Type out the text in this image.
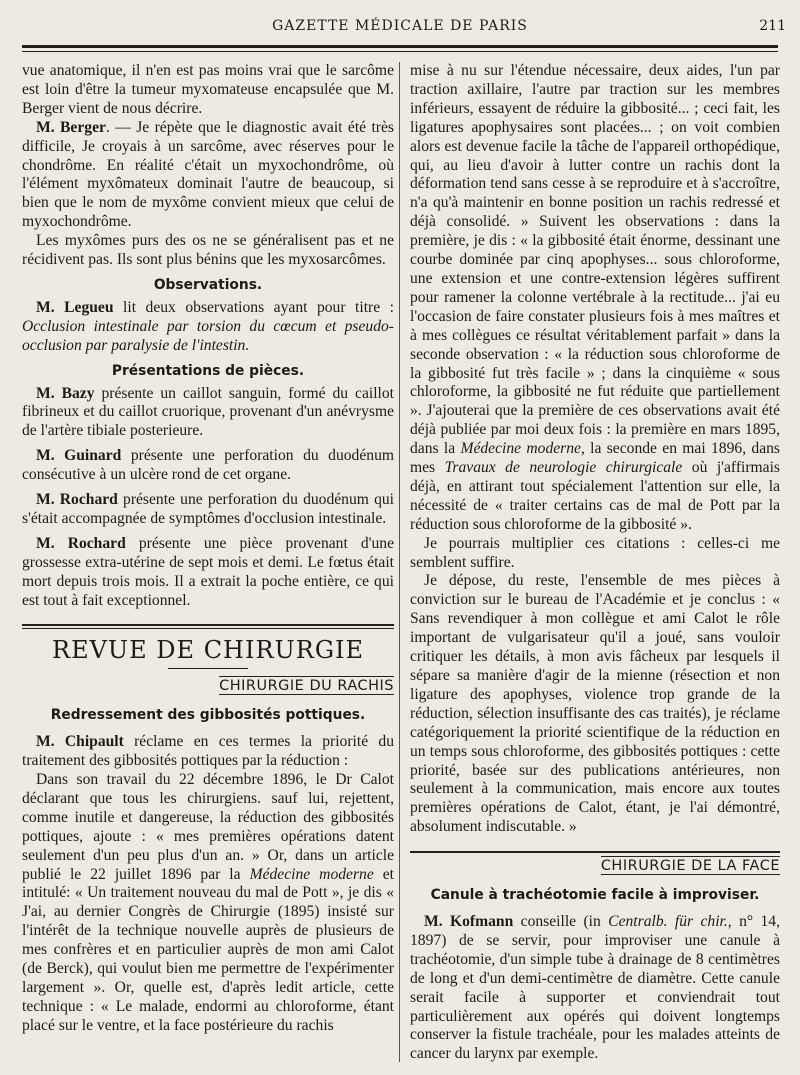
GAZETTE MÉDICALE DE PARIS	211

vue anatomique, il n'en est pas moins vrai que le sarcôme est loin d'être la tumeur myxomateuse encapsulée que M. Berger vient de nous décrire.

M. Berger. — Je répète que le diagnostic avait été très difficile, Je croyais à un sarcôme, avec réserves pour le chondrôme. En réalité c'était un myxochondrôme, où l'élément myxômateux dominait l'autre de beaucoup, si bien que le nom de myxôme convient mieux que celui de myxochondrôme.

Les myxômes purs des os ne se généralisent pas et ne récidivent pas. Ils sont plus bénins que les myxosarcômes.

Observations.

M. Legueu lit deux observations ayant pour titre : Occlusion intestinale par torsion du cœcum et pseudo-occlusion par paralysie de l'intestin.

Présentations de pièces.

M. Bazy présente un caillot sanguin, formé du caillot fibrineux et du caillot cruorique, provenant d'un anévrysme de l'artère tibiale posterieure.

M. Guinard présente une perforation du duodénum consécutive à un ulcère rond de cet organe.

M. Rochard présente une perforation du duodénum qui s'était accompagnée de symptômes d'occlusion intestinale.

M. Rochard présente une pièce provenant d'une grossesse extra-utérine de sept mois et demi. Le fœtus était mort depuis trois mois. Il a extrait la poche entière, ce qui est tout à fait exceptionnel.

REVUE DE CHIRURGIE
CHIRURGIE DU RACHIS
Redressement des gibbosités pottiques.

M. Chipault réclame en ces termes la priorité du traitement des gibbosités pottiques par la réduction :

Dans son travail du 22 décembre 1896, le Dr Calot déclarant que tous les chirurgiens. sauf lui, rejettent, comme inutile et dangereuse, la réduction des gibbosités pottiques, ajoute : « mes premières opérations datent seulement d'un peu plus d'un an. » Or, dans un article publié le 22 juillet 1896 par la Médecine moderne et intitulé: « Un traitement nouveau du mal de Pott », je dis « J'ai, au dernier Congrès de Chirurgie (1895) insisté sur l'intérêt de la technique nouvelle auprès de plusieurs de mes confrères et en particulier auprès de mon ami Calot (de Berck), qui voulut bien me permettre de l'expérimenter largement ». Or, quelle est, d'après ledit article, cette technique : « Le malade, endormi au chloroforme, étant placé sur le ventre, et la face postérieure du rachis

mise à nu sur l'étendue nécessaire, deux aides, l'un par traction axillaire, l'autre par traction sur les membres inférieurs, essayent de réduire la gibbosité... ; ceci fait, les ligatures apophysaires sont placées... ; on voit combien alors est devenue facile la tâche de l'appareil orthopédique, qui, au lieu d'avoir à lutter contre un rachis dont la déformation tend sans cesse à se reproduire et à s'accroître, n'a qu'à maintenir en bonne position un rachis redressé et déjà consolidé. » Suivent les observations : dans la première, je dis : « la gibbosité était énorme, dessinant une courbe dominée par cinq apophyses... sous chloroforme, une extension et une contre-extension légères suffirent pour ramener la colonne vertébrale à la rectitude... j'ai eu l'occasion de faire constater plusieurs fois à mes maîtres et à mes collègues ce résultat véritablement parfait » dans la seconde observation : « la réduction sous chloroforme de la gibbosité fut très facile » ; dans la cinquième « sous chloroforme, la gibbosité ne fut réduite que partiellement ». J'ajouterai que la première de ces observations avait été déjà publiée par moi deux fois : la première en mars 1895, dans la Médecine moderne, la seconde en mai 1896, dans mes Travaux de neurologie chirurgicale où j'affirmais déjà, en attirant tout spécialement l'attention sur elle, la nécessité de « traiter certains cas de mal de Pott par la réduction sous chloroforme de la gibbosité ».

Je pourrais multiplier ces citations : celles-ci me semblent suffire.

Je dépose, du reste, l'ensemble de mes pièces à conviction sur le bureau de l'Académie et je conclus : « Sans revendiquer à mon collègue et ami Calot le rôle important de vulgarisateur qu'il a joué, sans vouloir critiquer les détails, à mon avis fâcheux par lesquels il sépare sa manière d'agir de la mienne (résection et non ligature des apophyses, violence trop grande de la réduction, sélection insuffisante des cas traités), je réclame catégoriquement la priorité scientifique de la réduction en un temps sous chloroforme, des gibbosités pottiques : cette priorité, basée sur des publications antérieures, non seulement à la communication, mais encore aux toutes premières opérations de Calot, étant, je l'ai démontré, absolument indiscutable. »

CHIRURGIE DE LA FACE
Canule à trachéotomie facile à improviser.

M. Kofmann conseille (in Centralb. für chir., n° 14, 1897) de se servir, pour improviser une canule à trachéotomie, d'un simple tube à drainage de 8 centimètres de long et d'un demi-centimètre de diamètre. Cette canule serait facile à supporter et conviendrait tout particulièrement aux opérés qui doivent longtemps conserver la fistule trachéale, pour les malades atteints de cancer du larynx par exemple.
